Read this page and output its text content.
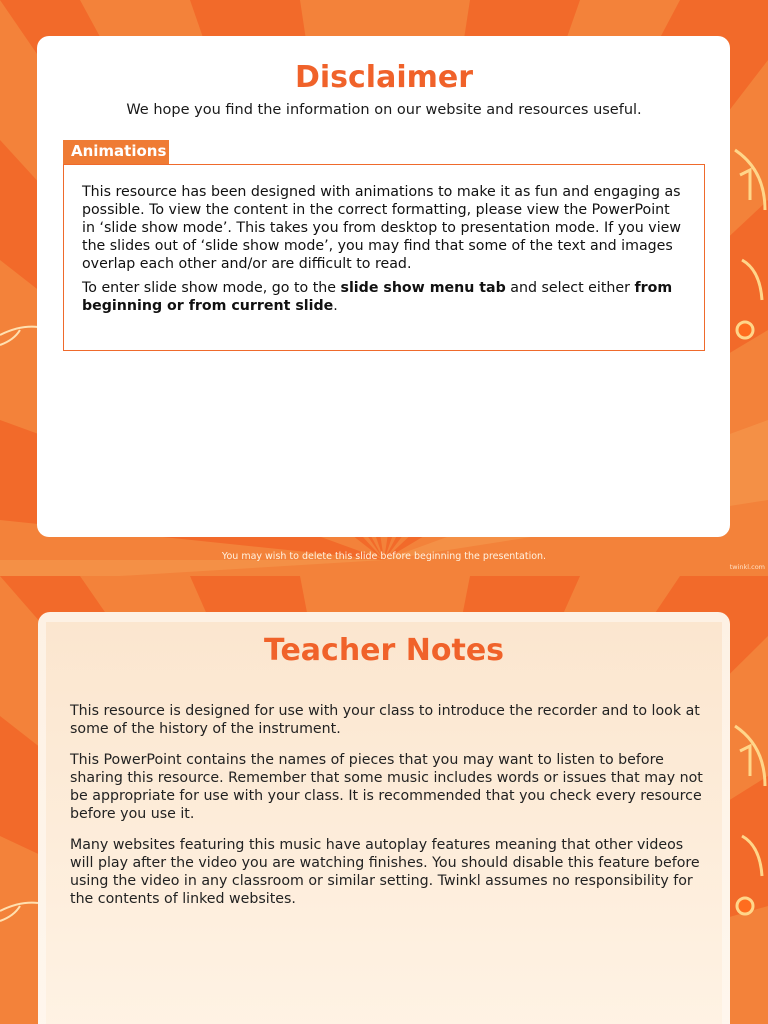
Disclaimer
We hope you find the information on our website and resources useful.
Animations

This resource has been designed with animations to make it as fun and engaging as possible. To view the content in the correct formatting, please view the PowerPoint in ‘slide show mode’. This takes you from desktop to presentation mode. If you view the slides out of ‘slide show mode’, you may find that some of the text and images overlap each other and/or are difficult to read.

To enter slide show mode, go to the slide show menu tab and select either from beginning or from current slide.

You may wish to delete this slide before beginning the presentation.
twinkl.com
Teacher Notes

This resource is designed for use with your class to introduce the recorder and to look at some of the history of the instrument.

This PowerPoint contains the names of pieces that you may want to listen to before sharing this resource. Remember that some music includes words or issues that may not be appropriate for use with your class. It is recommended that you check every resource before you use it.

Many websites featuring this music have autoplay features meaning that other videos will play after the video you are watching finishes. You should disable this feature before using the video in any classroom or similar setting. Twinkl assumes no responsibility for the contents of linked websites.
